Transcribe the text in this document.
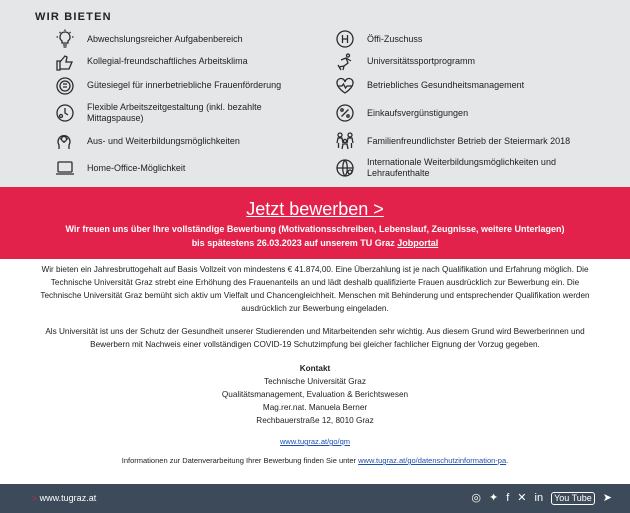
WIR BIETEN
Abwechslungsreicher Aufgabenbereich
Kollegial-freundschaftliches Arbeitsklima
Gütesiegel für innerbetriebliche Frauenförderung
Flexible Arbeitszeitgestaltung (inkl. bezahlte Mittagspause)
Aus- und Weiterbildungsmöglichkeiten
Home-Office-Möglichkeit
Öffi-Zuschuss
Universitätssportprogramm
Betriebliches Gesundheitsmanagement
Einkaufsvergünstigungen
Familienfreundlichster Betrieb der Steiermark 2018
Internationale Weiterbildungsmöglichkeiten und Lehraufenthalte
Jetzt bewerben >
Wir freuen uns über Ihre vollständige Bewerbung (Motivationsschreiben, Lebenslauf, Zeugnisse, weitere Unterlagen)
bis spätestens 26.03.2023 auf unserem TU Graz Jobportal

Wir bieten ein Jahresbruttogehalt auf Basis Vollzeit von mindestens € 41.874,00. Eine Überzahlung ist je nach Qualifikation und Erfahrung möglich. Die Technische Universität Graz strebt eine Erhöhung des Frauenanteils an und lädt deshalb qualifizierte Frauen ausdrücklich zur Bewerbung ein. Die Technische Universität Graz bemüht sich aktiv um Vielfalt und Chancengleichheit. Menschen mit Behinderung und entsprechender Qualifikation werden ausdrücklich zur Bewerbung eingeladen.

Als Universität ist uns der Schutz der Gesundheit unserer Studierenden und Mitarbeitenden sehr wichtig. Aus diesem Grund wird Bewerberinnen und Bewerbern mit Nachweis einer vollständigen COVID-19 Schutzimpfung bei gleicher fachlicher Eignung der Vorzug gegeben.

Kontakt
Technische Universität Graz
Qualitätsmanagement, Evaluation & Berichtswesen
Mag.rer.nat. Manuela Berner
Rechbauerstraße 12, 8010 Graz
www.tugraz.at/go/qm
Informationen zur Datenverarbeitung Ihrer Bewerbung finden Sie unter www.tugraz.at/go/datenschutzinformation-pa.
> www.tugraz.at	◎ ✦ f ✕ in	You Tube ➤
